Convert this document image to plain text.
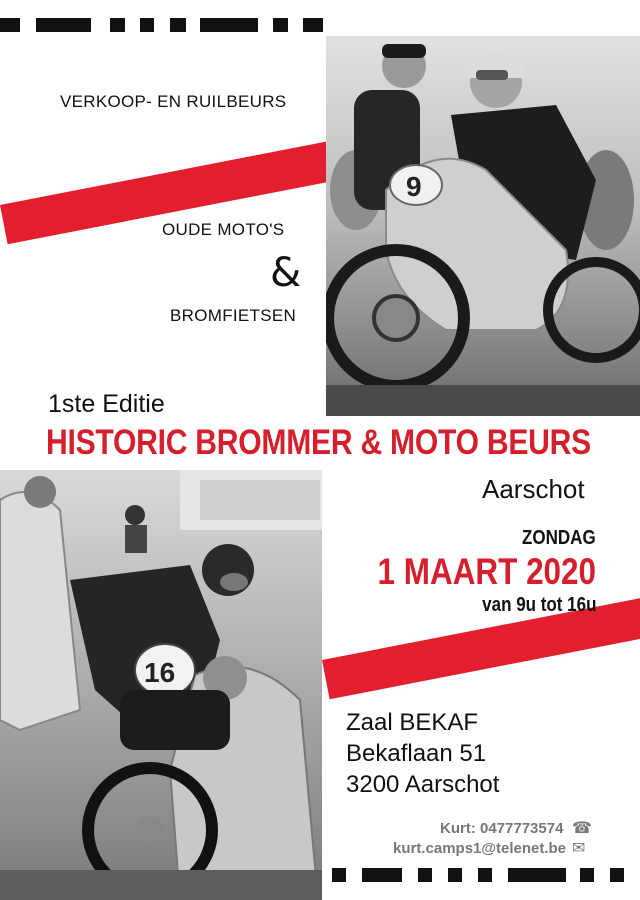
9
16
VERKOOP- EN RUILBEURS
OUDE MOTO'S
&
BROMFIETSEN
1ste Editie
HISTORIC BROMMER & MOTO BEURS
Aarschot
ZONDAG
1 MAART 2020
van 9u tot 16u
Zaal BEKAF
Bekaflaan 51
3200 Aarschot
Kurt: 0477773574 ☎
kurt.camps1@telenet.be ✉
